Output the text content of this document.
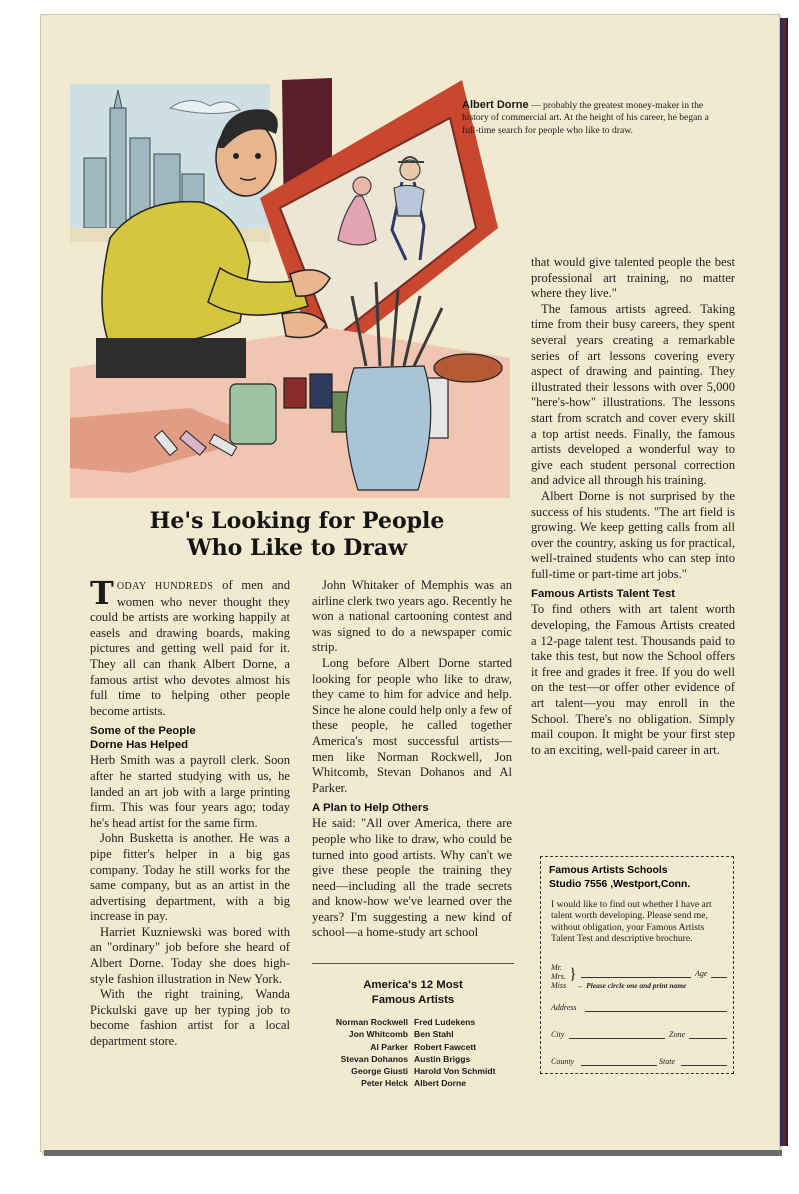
Albert Dorne — probably the greatest money-maker in the history of commercial art. At the height of his career, he began a full-time search for people who like to draw.
He's Looking for People
Who Like to Draw

TODAY HUNDREDS of men and women who never thought they could be artists are working happily at easels and drawing boards, making pictures and getting well paid for it. They all can thank Albert Dorne, a famous artist who devotes almost his full time to helping other people become artists.

Some of the People
Dorne Has Helped

Herb Smith was a payroll clerk. Soon after he started studying with us, he landed an art job with a large printing firm. This was four years ago; today he's head artist for the same firm.

John Busketta is another. He was a pipe fitter's helper in a big gas company. Today he still works for the same company, but as an artist in the advertising department, with a big increase in pay.

Harriet Kuzniewski was bored with an "ordinary" job before she heard of Albert Dorne. Today she does high-style fashion illustration in New York.

With the right training, Wanda Pickulski gave up her typing job to become fashion artist for a local department store.

John Whitaker of Memphis was an airline clerk two years ago. Recently he won a national cartooning contest and was signed to do a newspaper comic strip.

Long before Albert Dorne started looking for people who like to draw, they came to him for advice and help. Since he alone could help only a few of these people, he called together America's most successful artists—men like Norman Rockwell, Jon Whitcomb, Stevan Dohanos and Al Parker.

A Plan to Help Others

He said: "All over America, there are people who like to draw, who could be turned into good artists. Why can't we give these people the training they need—including all the trade secrets and know-how we've learned over the years? I'm suggesting a new kind of school—a home-study art school

America's 12 Most
Famous Artists
Norman Rockwell	Fred Ludekens
Jon Whitcomb	Ben Stahl
Al Parker	Robert Fawcett
Stevan Dohanos	Austin Briggs
George Giusti	Harold Von Schmidt
Peter Helck	Albert Dorne

that would give talented people the best professional art training, no matter where they live."

The famous artists agreed. Taking time from their busy careers, they spent several years creating a remarkable series of art lessons covering every aspect of drawing and painting. They illustrated their lessons with over 5,000 "here's-how" illustrations. The lessons start from scratch and cover every skill a top artist needs. Finally, the famous artists developed a wonderful way to give each student personal correction and advice all through his training.

Albert Dorne is not surprised by the success of his students. "The art field is growing. We keep getting calls from all over the country, asking us for practical, well-trained students who can step into full-time or part-time art jobs."

Famous Artists Talent Test

To find others with art talent worth developing, the Famous Artists created a 12-page talent test. Thousands paid to take this test, but now the School offers it free and grades it free. If you do well on the test—or offer other evidence of art talent—you may enroll in the School. There's no obligation. Simply mail coupon. It might be your first step to an exciting, well-paid career in art.

Famous Artists Schools
Studio 7556 ,Westport,Conn.
I would like to find out whether I have art talent worth developing. Please send me, without obligation, your Famous Artists Talent Test and descriptive brochure.
Mr.
Mrs.
Miss
}	Age
← Please circle one and print name
Address
City	Zone
County	State
